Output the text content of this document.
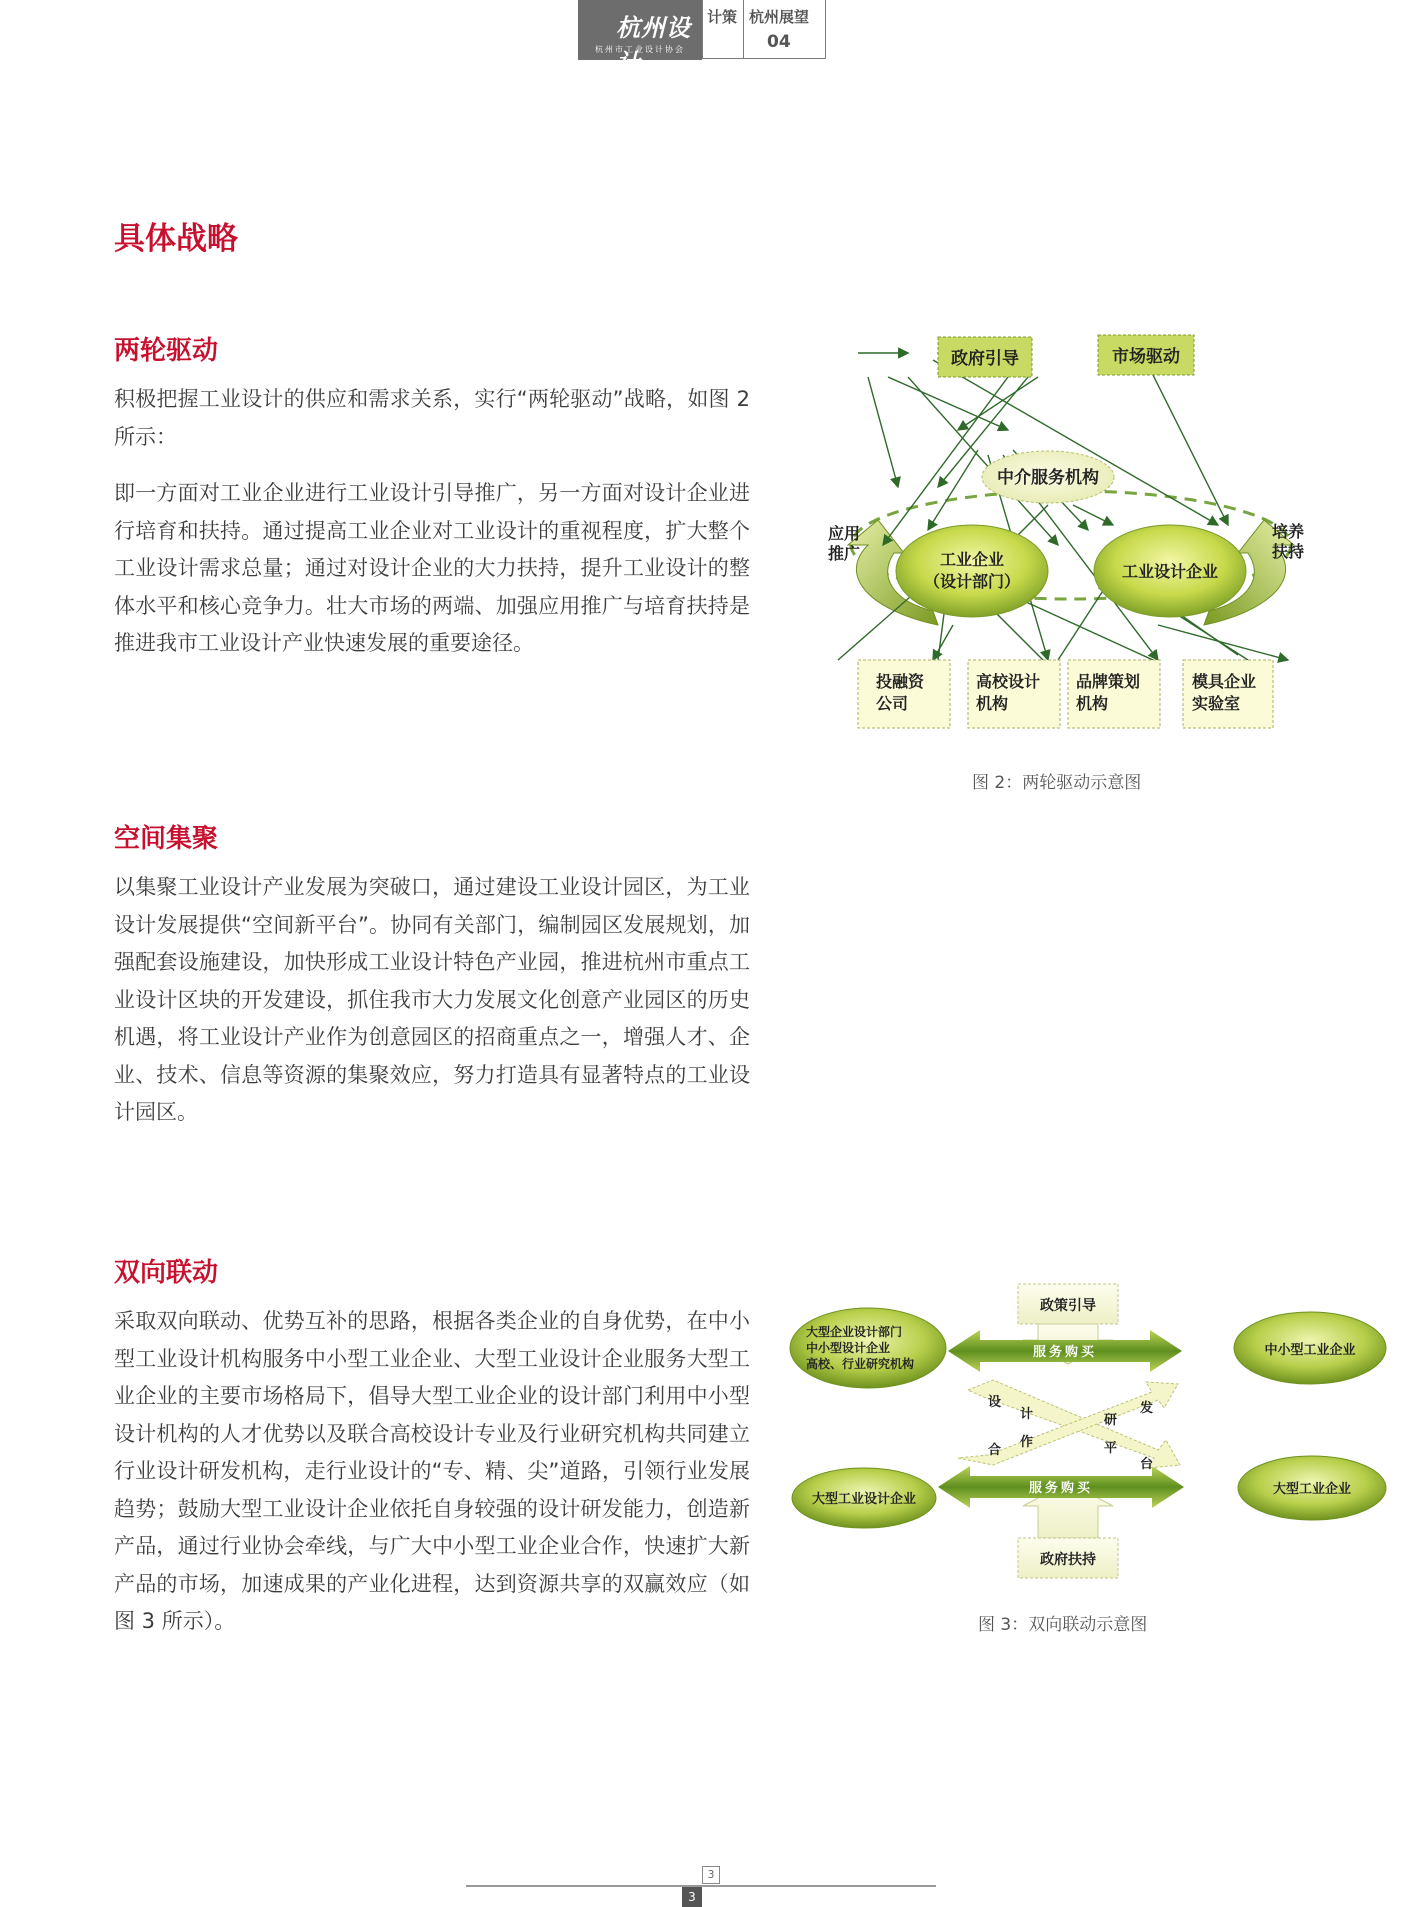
杭州设计
杭州市工业设计协会
计策 杭州展望
04
具体战略
两轮驱动

积极把握工业设计的供应和需求关系，实行“两轮驱动”战略，如图 2 所示：

即一方面对工业企业进行工业设计引导推广，另一方面对设计企业进行培育和扶持。通过提高工业企业对工业设计的重视程度，扩大整个工业设计需求总量；通过对设计企业的大力扶持，提升工业设计的整体水平和核心竞争力。壮大市场的两端、加强应用推广与培育扶持是推进我市工业设计产业快速发展的重要途径。

政府引导	市场驱动
中介服务机构
工业企业
（设计部门）
工业设计企业
应用
推广
培养
扶持
投融资
公司
高校设计
机构
品牌策划
机构
模具企业
实验室
图 2：两轮驱动示意图
空间集聚

以集聚工业设计产业发展为突破口，通过建设工业设计园区，为工业设计发展提供“空间新平台”。协同有关部门，编制园区发展规划，加强配套设施建设，加快形成工业设计特色产业园，推进杭州市重点工业设计区块的开发建设，抓住我市大力发展文化创意产业园区的历史机遇，将工业设计产业作为创意园区的招商重点之一，增强人才、企业、技术、信息等资源的集聚效应，努力打造具有显著特点的工业设计园区。

双向联动

采取双向联动、优势互补的思路，根据各类企业的自身优势，在中小型工业设计机构服务中小型工业企业、大型工业设计企业服务大型工业企业的主要市场格局下，倡导大型工业企业的设计部门利用中小型设计机构的人才优势以及联合高校设计专业及行业研究机构共同建立行业设计研发机构，走行业设计的“专、精、尖”道路，引领行业发展趋势；鼓励大型工业设计企业依托自身较强的设计研发能力，创造新产品，通过行业协会牵线，与广大中小型工业企业合作，快速扩大新产品的市场，加速成果的产业化进程，达到资源共享的双赢效应（如图 3 所示）。

政策引导
政府扶持
大型企业设计部门
中小型设计企业
高校、行业研究机构
中小型工业企业
大型工业设计企业
大型工业企业
服务购买
服务购买
设
计
合
作
研
发
平
台
图 3：双向联动示意图
3
3
